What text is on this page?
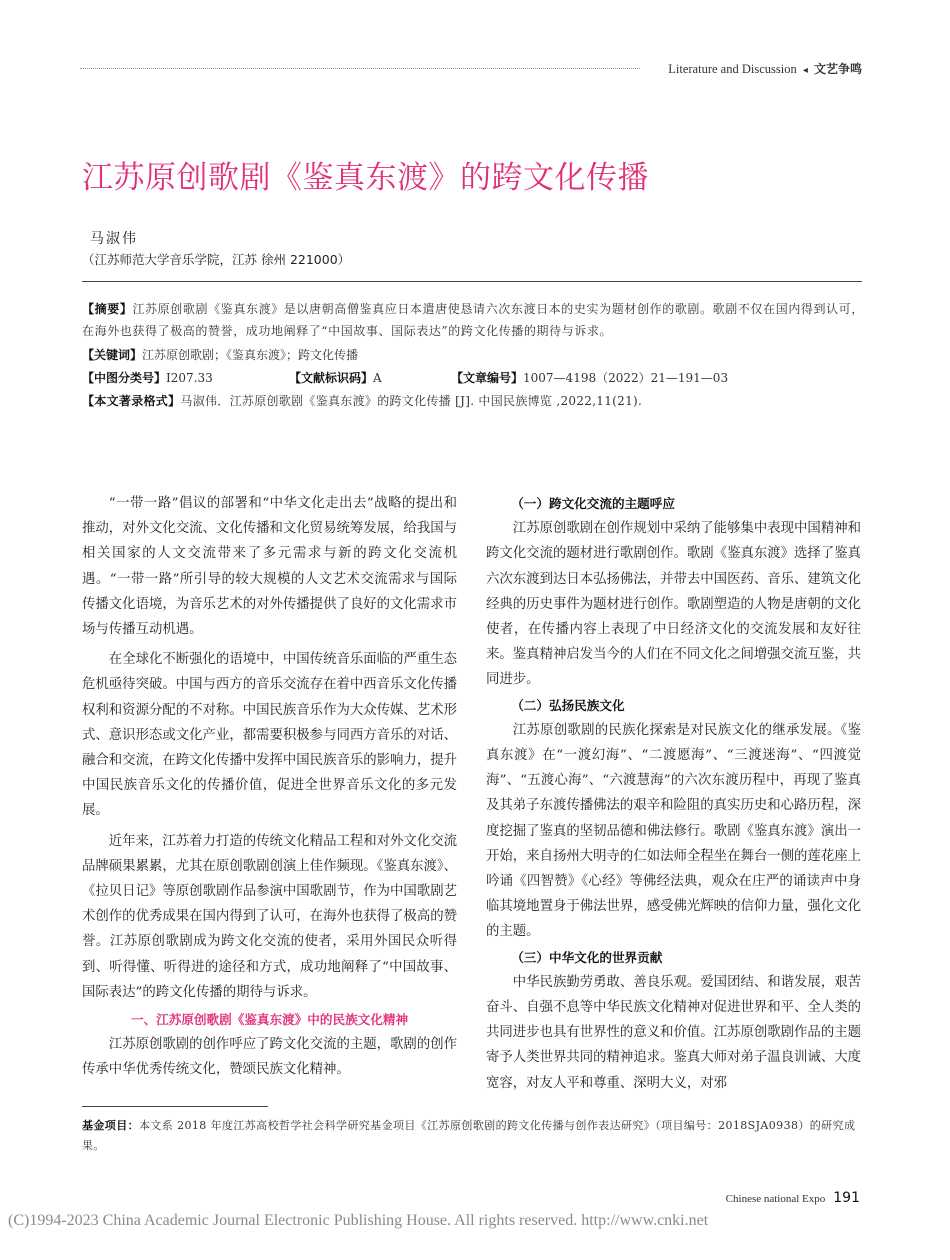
Literature and Discussion ◂ 文艺争鸣
江苏原创歌剧《鉴真东渡》的跨文化传播
马淑伟
（江苏师范大学音乐学院，江苏 徐州 221000）
【摘要】江苏原创歌剧《鉴真东渡》是以唐朝高僧鉴真应日本遣唐使恳请六次东渡日本的史实为题材创作的歌剧。歌剧不仅在国内得到认可，在海外也获得了极高的赞誉，成功地阐释了“中国故事、国际表达”的跨文化传播的期待与诉求。
【关键词】江苏原创歌剧；《鉴真东渡》；跨文化传播
【中图分类号】I207.33	【文献标识码】A	【文章编号】1007—4198（2022）21—191—03
【本文著录格式】马淑伟．江苏原创歌剧《鉴真东渡》的跨文化传播 [J]. 中国民族博览 ,2022,11(21).

“一带一路”倡议的部署和“中华文化走出去”战略的提出和推动，对外文化交流、文化传播和文化贸易统筹发展，给我国与相关国家的人文交流带来了多元需求与新的跨文化交流机遇。“一带一路”所引导的较大规模的人文艺术交流需求与国际传播文化语境，为音乐艺术的对外传播提供了良好的文化需求市场与传播互动机遇。

在全球化不断强化的语境中，中国传统音乐面临的严重生态危机亟待突破。中国与西方的音乐交流存在着中西音乐文化传播权利和资源分配的不对称。中国民族音乐作为大众传媒、艺术形式、意识形态或文化产业，都需要积极参与同西方音乐的对话、融合和交流，在跨文化传播中发挥中国民族音乐的影响力，提升中国民族音乐文化的传播价值，促进全世界音乐文化的多元发展。

近年来，江苏着力打造的传统文化精品工程和对外文化交流品牌硕果累累，尤其在原创歌剧创演上佳作频现。《鉴真东渡》、《拉贝日记》等原创歌剧作品参演中国歌剧节，作为中国歌剧艺术创作的优秀成果在国内得到了认可，在海外也获得了极高的赞誉。江苏原创歌剧成为跨文化交流的使者，采用外国民众听得到、听得懂、听得进的途径和方式，成功地阐释了“中国故事、国际表达”的跨文化传播的期待与诉求。

一、江苏原创歌剧《鉴真东渡》中的民族文化精神

江苏原创歌剧的创作呼应了跨文化交流的主题，歌剧的创作传承中华优秀传统文化，赞颂民族文化精神。

（一）跨文化交流的主题呼应

江苏原创歌剧在创作规划中采纳了能够集中表现中国精神和跨文化交流的题材进行歌剧创作。歌剧《鉴真东渡》选择了鉴真六次东渡到达日本弘扬佛法，并带去中国医药、音乐、建筑文化经典的历史事件为题材进行创作。歌剧塑造的人物是唐朝的文化使者，在传播内容上表现了中日经济文化的交流发展和友好往来。鉴真精神启发当今的人们在不同文化之间增强交流互鉴，共同进步。

（二）弘扬民族文化

江苏原创歌剧的民族化探索是对民族文化的继承发展。《鉴真东渡》在“一渡幻海”、“二渡愿海”、“三渡迷海”、“四渡觉海”、“五渡心海”、“六渡慧海”的六次东渡历程中，再现了鉴真及其弟子东渡传播佛法的艰辛和险阻的真实历史和心路历程，深度挖掘了鉴真的坚韧品德和佛法修行。歌剧《鉴真东渡》演出一开始，来自扬州大明寺的仁如法师全程坐在舞台一侧的莲花座上吟诵《四智赞》《心经》等佛经法典，观众在庄严的诵读声中身临其境地置身于佛法世界，感受佛光辉映的信仰力量，强化文化的主题。

（三）中华文化的世界贡献

中华民族勤劳勇敢、善良乐观。爱国团结、和谐发展，艰苦奋斗、自强不息等中华民族文化精神对促进世界和平、全人类的共同进步也具有世界性的意义和价值。江苏原创歌剧作品的主题寄予人类世界共同的精神追求。鉴真大师对弟子温良训诫、大度宽容，对友人平和尊重、深明大义，对邪

基金项目：本文系 2018 年度江苏高校哲学社会科学研究基金项目《江苏原创歌剧的跨文化传播与创作表达研究》（项目编号：2018SJA0938）的研究成果。
Chinese national Expo 191
(C)1994-2023 China Academic Journal Electronic Publishing House. All rights reserved. http://www.cnki.net
